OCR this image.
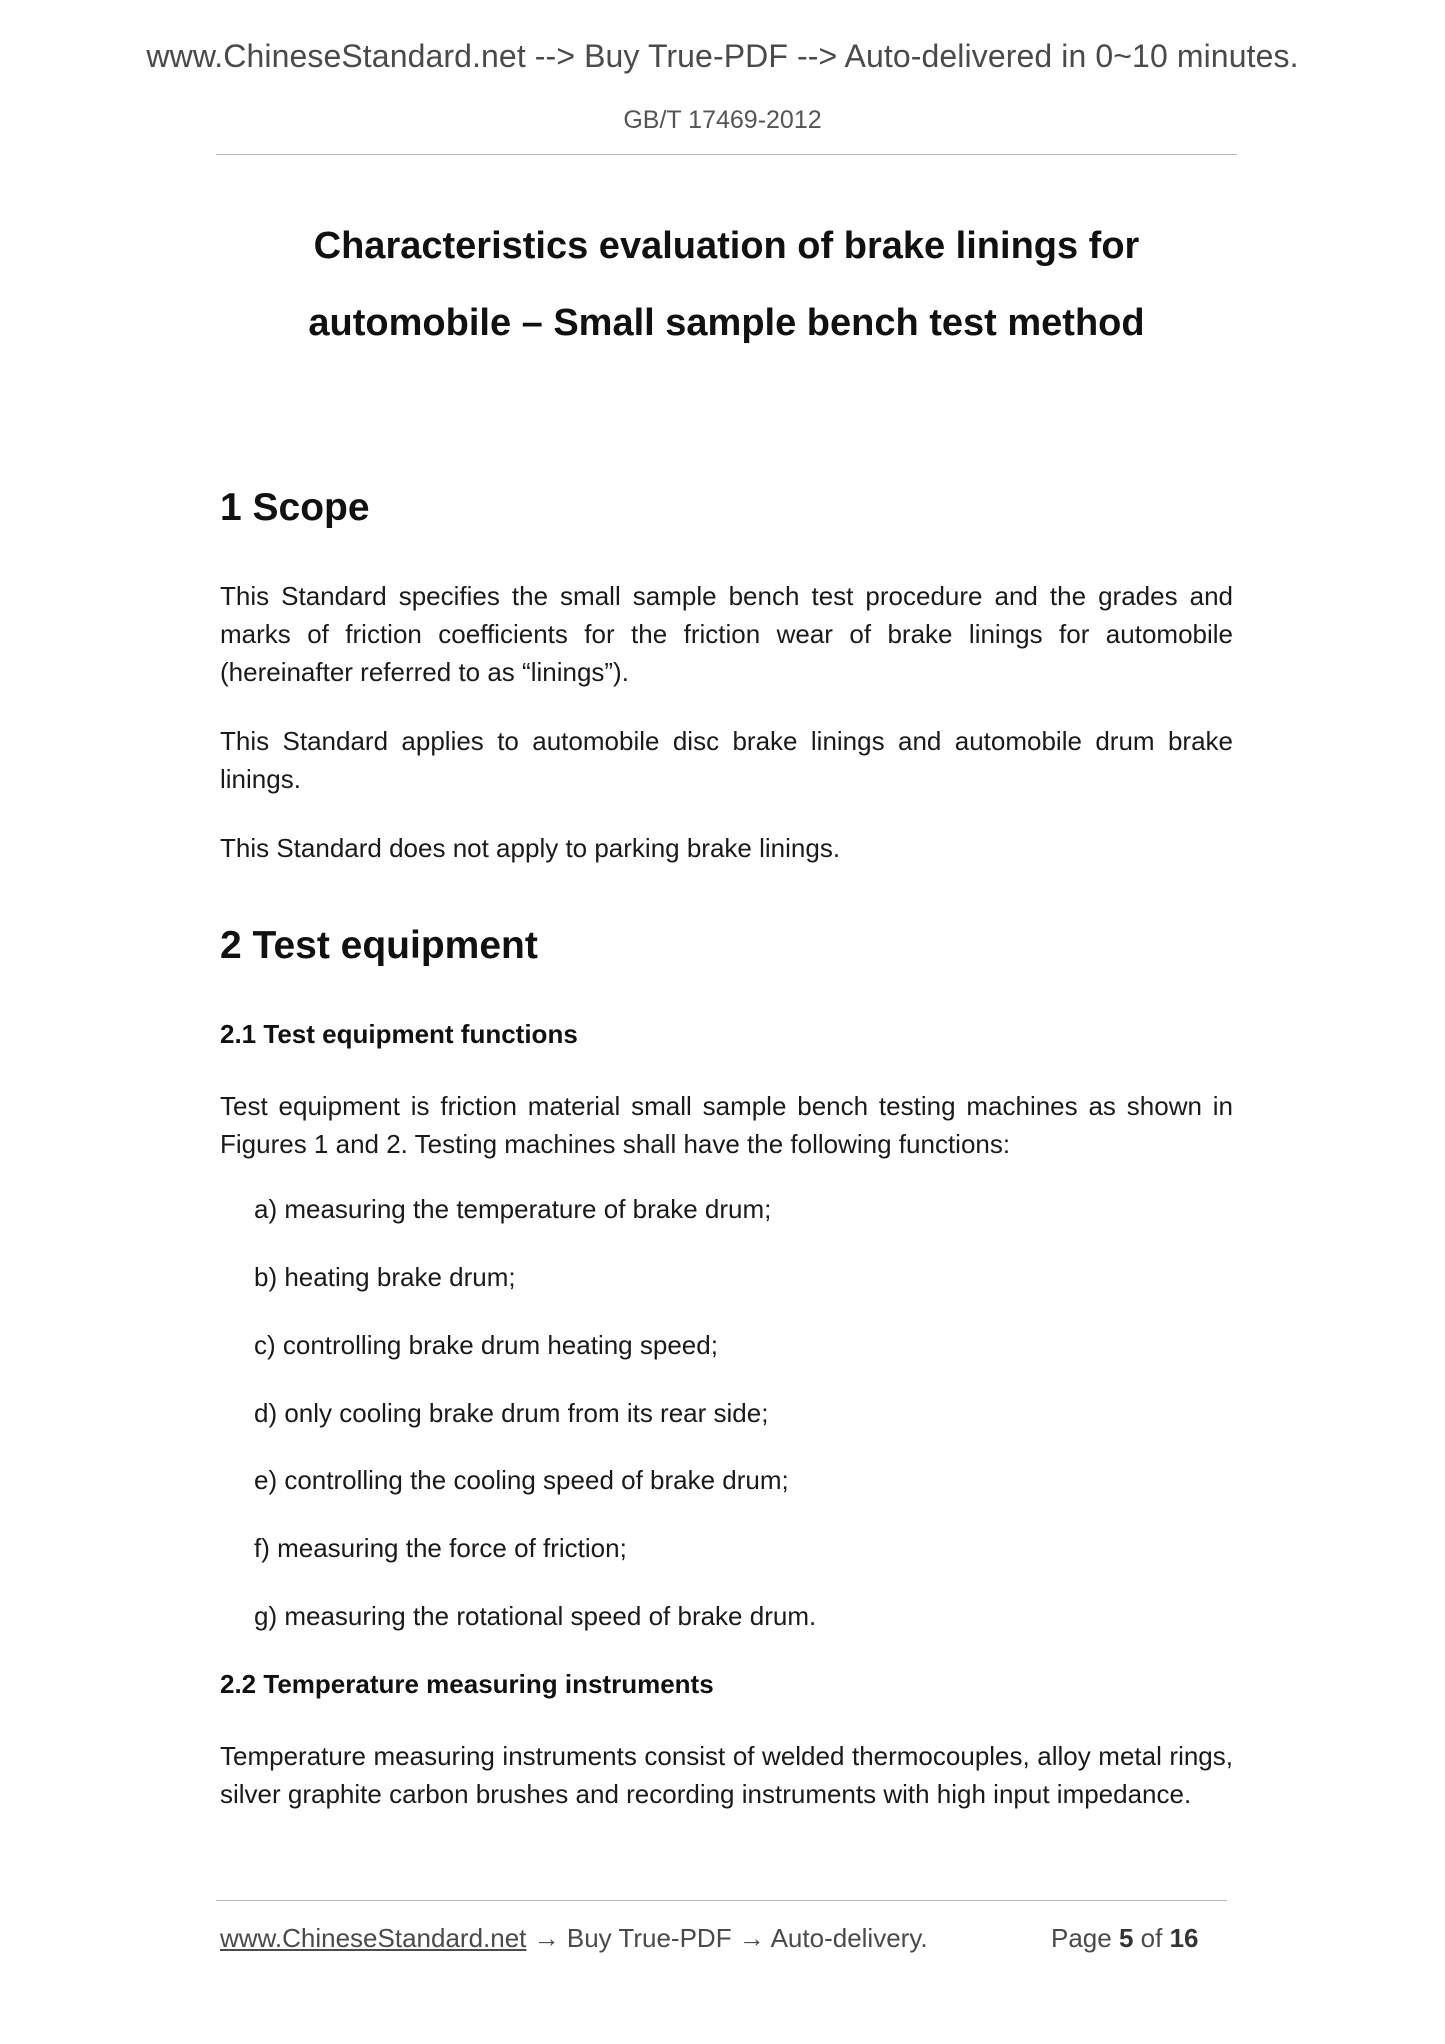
www.ChineseStandard.net --> Buy True-PDF --> Auto-delivered in 0~10 minutes.
GB/T 17469-2012
Characteristics evaluation of brake linings for
automobile – Small sample bench test method
1 Scope
This Standard specifies the small sample bench test procedure and the grades and marks of friction coefficients for the friction wear of brake linings for automobile (hereinafter referred to as “linings”).
This Standard applies to automobile disc brake linings and automobile drum brake linings.
This Standard does not apply to parking brake linings.
2 Test equipment
2.1 Test equipment functions
Test equipment is friction material small sample bench testing machines as shown in Figures 1 and 2. Testing machines shall have the following functions:
a) measuring the temperature of brake drum;
b) heating brake drum;
c) controlling brake drum heating speed;
d) only cooling brake drum from its rear side;
e) controlling the cooling speed of brake drum;
f) measuring the force of friction;
g) measuring the rotational speed of brake drum.
2.2 Temperature measuring instruments
Temperature measuring instruments consist of welded thermocouples, alloy metal rings, silver graphite carbon brushes and recording instruments with high input impedance.
www.ChineseStandard.net → Buy True-PDF → Auto-delivery.	Page 5 of 16
